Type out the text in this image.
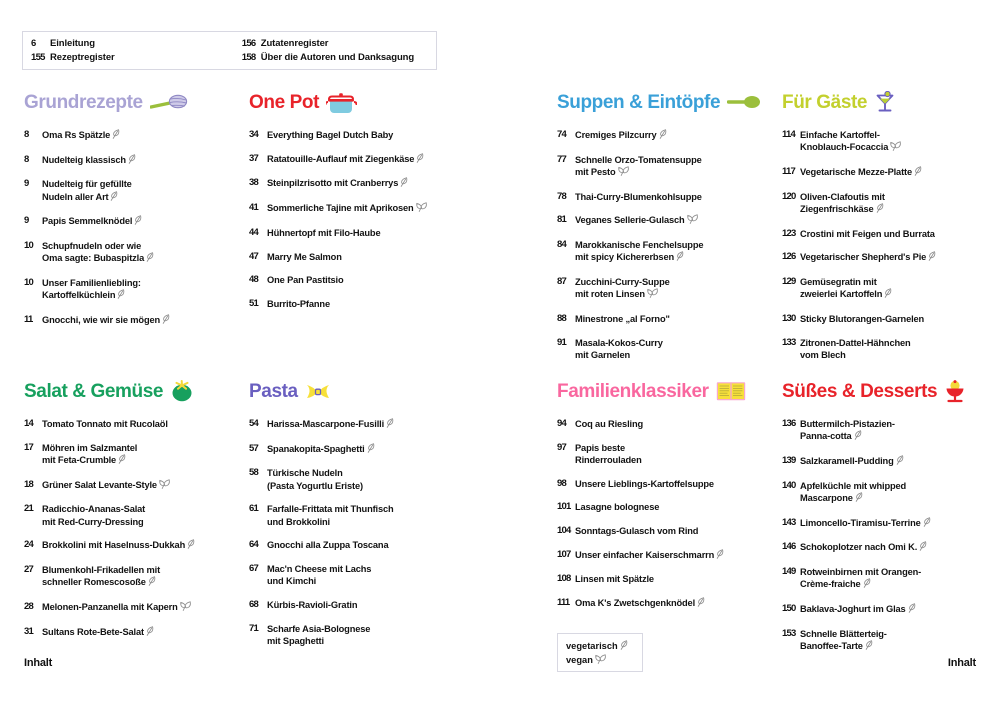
6	Einleitung
155 Rezeptregister
156 Zutatenregister
158 Über die Autoren und Danksagung
Grundrezepte
8	Oma Rs Spätzle
8	Nudelteig klassisch
9	Nudelteig für gefüllte
Nudeln aller Art
9	Papis Semmelknödel
10 Schupfnudeln oder wie
Oma sagte: Bubaspitzla
10 Unser Familienliebling:
Kartoffelküchlein
11	Gnocchi, wie wir sie mögen
One Pot
34 Everything Bagel Dutch Baby
37 Ratatouille-Auflauf mit Ziegenkäse
38 Steinpilzrisotto mit Cranberrys
41 Sommerliche Tajine mit Aprikosen
44 Hühnertopf mit Filo-Haube
47 Marry Me Salmon
48 One Pan Pastitsio
51 Burrito-Pfanne
Suppen & Eintöpfe
74 Cremiges Pilzcurry
77 Schnelle Orzo-Tomatensuppe
mit Pesto
78 Thai-Curry-Blumenkohlsuppe
81 Veganes Sellerie-Gulasch
84 Marokkanische Fenchelsuppe
mit spicy Kichererbsen
87 Zucchini-Curry-Suppe
mit roten Linsen
88 Minestrone „al Forno"
91 Masala-Kokos-Curry
mit Garnelen
Für Gäste
114 Einfache Kartoffel-
Knoblauch-Focaccia
117 Vegetarische Mezze-Platte
120 Oliven-Clafoutis mit
Ziegenfrischkäse
123 Crostini mit Feigen und Burrata
126 Vegetarischer Shepherd's Pie
129 Gemüsegratin mit
zweierlei Kartoffeln
130 Sticky Blutorangen-Garnelen
133 Zitronen-Dattel-Hähnchen
vom Blech
Salat & Gemüse
14 Tomato Tonnato mit Rucolaöl
17 Möhren im Salzmantel
mit Feta-Crumble
18 Grüner Salat Levante-Style
21 Radicchio-Ananas-Salat
mit Red-Curry-Dressing
24 Brokkolini mit Haselnuss-Dukkah
27 Blumenkohl-Frikadellen mit
schneller Romescosoße
28 Melonen-Panzanella mit Kapern
31 Sultans Rote-Bete-Salat
Pasta
54 Harissa-Mascarpone-Fusilli
57 Spanakopita-Spaghetti
58 Türkische Nudeln
(Pasta Yogurtlu Eriste)
61 Farfalle-Frittata mit Thunfisch
und Brokkolini
64 Gnocchi alla Zuppa Toscana
67 Mac'n Cheese mit Lachs
und Kimchi
68 Kürbis-Ravioli-Gratin
71 Scharfe Asia-Bolognese
mit Spaghetti
Familienklassiker
94 Coq au Riesling
97 Papis beste
Rinderrouladen
98 Unsere Lieblings-Kartoffelsuppe
101 Lasagne bolognese
104 Sonntags-Gulasch vom Rind
107 Unser einfacher Kaiserschmarrn
108 Linsen mit Spätzle
111 Oma K's Zwetschgenknödel
Süßes & Desserts
136 Buttermilch-Pistazien-
Panna-cotta
139 Salzkaramell-Pudding
140 Apfelküchle mit whipped
Mascarpone
143 Limoncello-Tiramisu-Terrine
146 Schokoplotzer nach Omi K.
149 Rotweinbirnen mit Orangen-
Crème-fraiche
150 Baklava-Joghurt im Glas
153 Schnelle Blätterteig-
Banoffee-Tarte
vegetarisch
vegan
Inhalt	Inhalt
